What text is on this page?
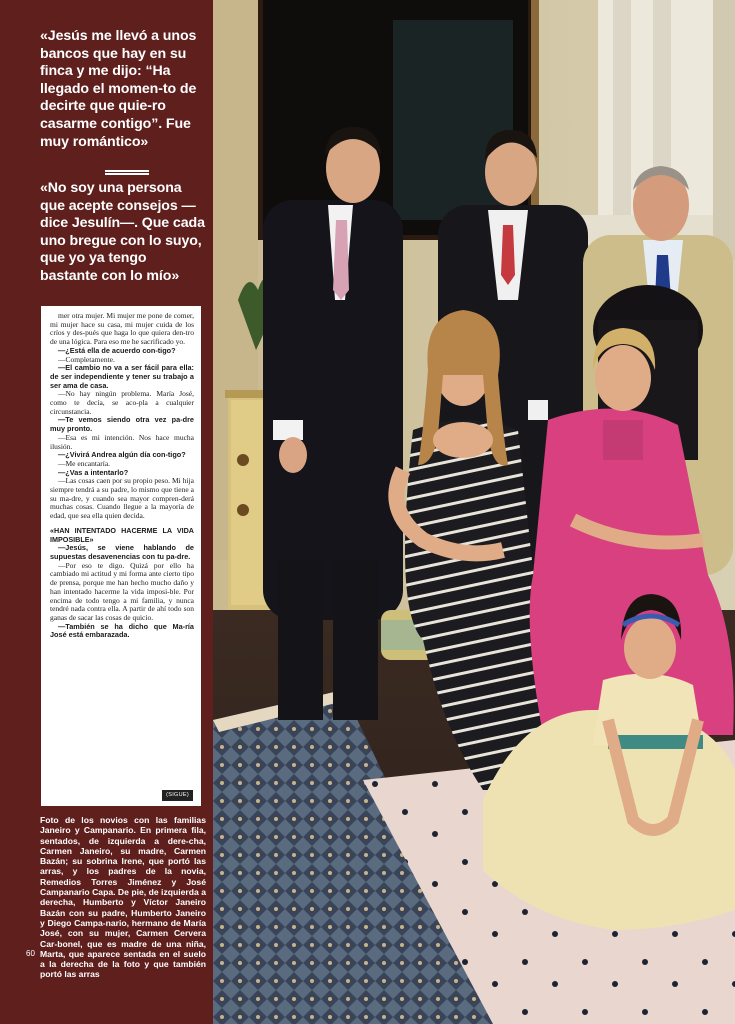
«Jesús me llevó a unos bancos que hay en su finca y me dijo: “Ha llegado el momen-to de decirte que quie-ro casarme contigo”. Fue muy romántico»

«No soy una persona que acepte consejos —dice Jesulín—. Que cada uno bregue con lo suyo, que yo ya tengo bastante con lo mío»

mer otra mujer. Mi mujer me pone de comer, mi mujer hace su casa, mi mujer cuida de los críos y des-pués que haga lo que quiera den-tro de una lógica. Para eso me he sacrificado yo.

—¿Está ella de acuerdo con-tigo?

—Completamente.

—El cambio no va a ser fácil para ella: de ser independiente y tener su trabajo a ser ama de casa.

—No hay ningún problema. María José, como te decía, se aco-pla a cualquier circunstancia.

—Te vemos siendo otra vez pa-dre muy pronto.

—Esa es mi intención. Nos hace mucha ilusión.

—¿Vivirá Andrea algún día con-tigo?

—Me encantaría.

—¿Vas a intentarlo?

—Las cosas caen por su propio peso. Mi hija siempre tendrá a su padre, lo mismo que tiene a su ma-dre, y cuando sea mayor compren-derá muchas cosas. Cuando llegue a la mayoría de edad, que sea ella quien decida.

«HAN INTENTADO HACERME LA VIDA IMPOSIBLE»

—Jesús, se viene hablando de supuestas desavenencias con tu pa-dre.

—Por eso te digo. Quizá por ello ha cambiado mi actitud y mi forma ante cierto tipo de prensa, porque me han hecho mucho daño y han intentado hacerme la vida imposi-ble. Por encima de todo tengo a mi familia, y nunca tendré nada contra ella. A partir de ahí todo son ganas de sacar las cosas de quicio.

—También se ha dicho que Ma-ría José está embarazada.

(SIGUE)

Foto de los novios con las familias Janeiro y Campanario. En primera fila, sentados, de izquierda a dere-cha, Carmen Janeiro, su madre, Carmen Bazán; su sobrina Irene, que portó las arras, y los padres de la novia, Remedios Torres Jiménez y José Campanario Capa. De pie, de izquierda a derecha, Humberto y Víctor Janeiro Bazán con su padre, Humberto Janeiro y Diego Campa-nario, hermano de María José, con su mujer, Carmen Cervera Car-bonel, que es madre de una niña, Marta, que aparece sentada en el suelo a la derecha de la foto y que también portó las arras

60
